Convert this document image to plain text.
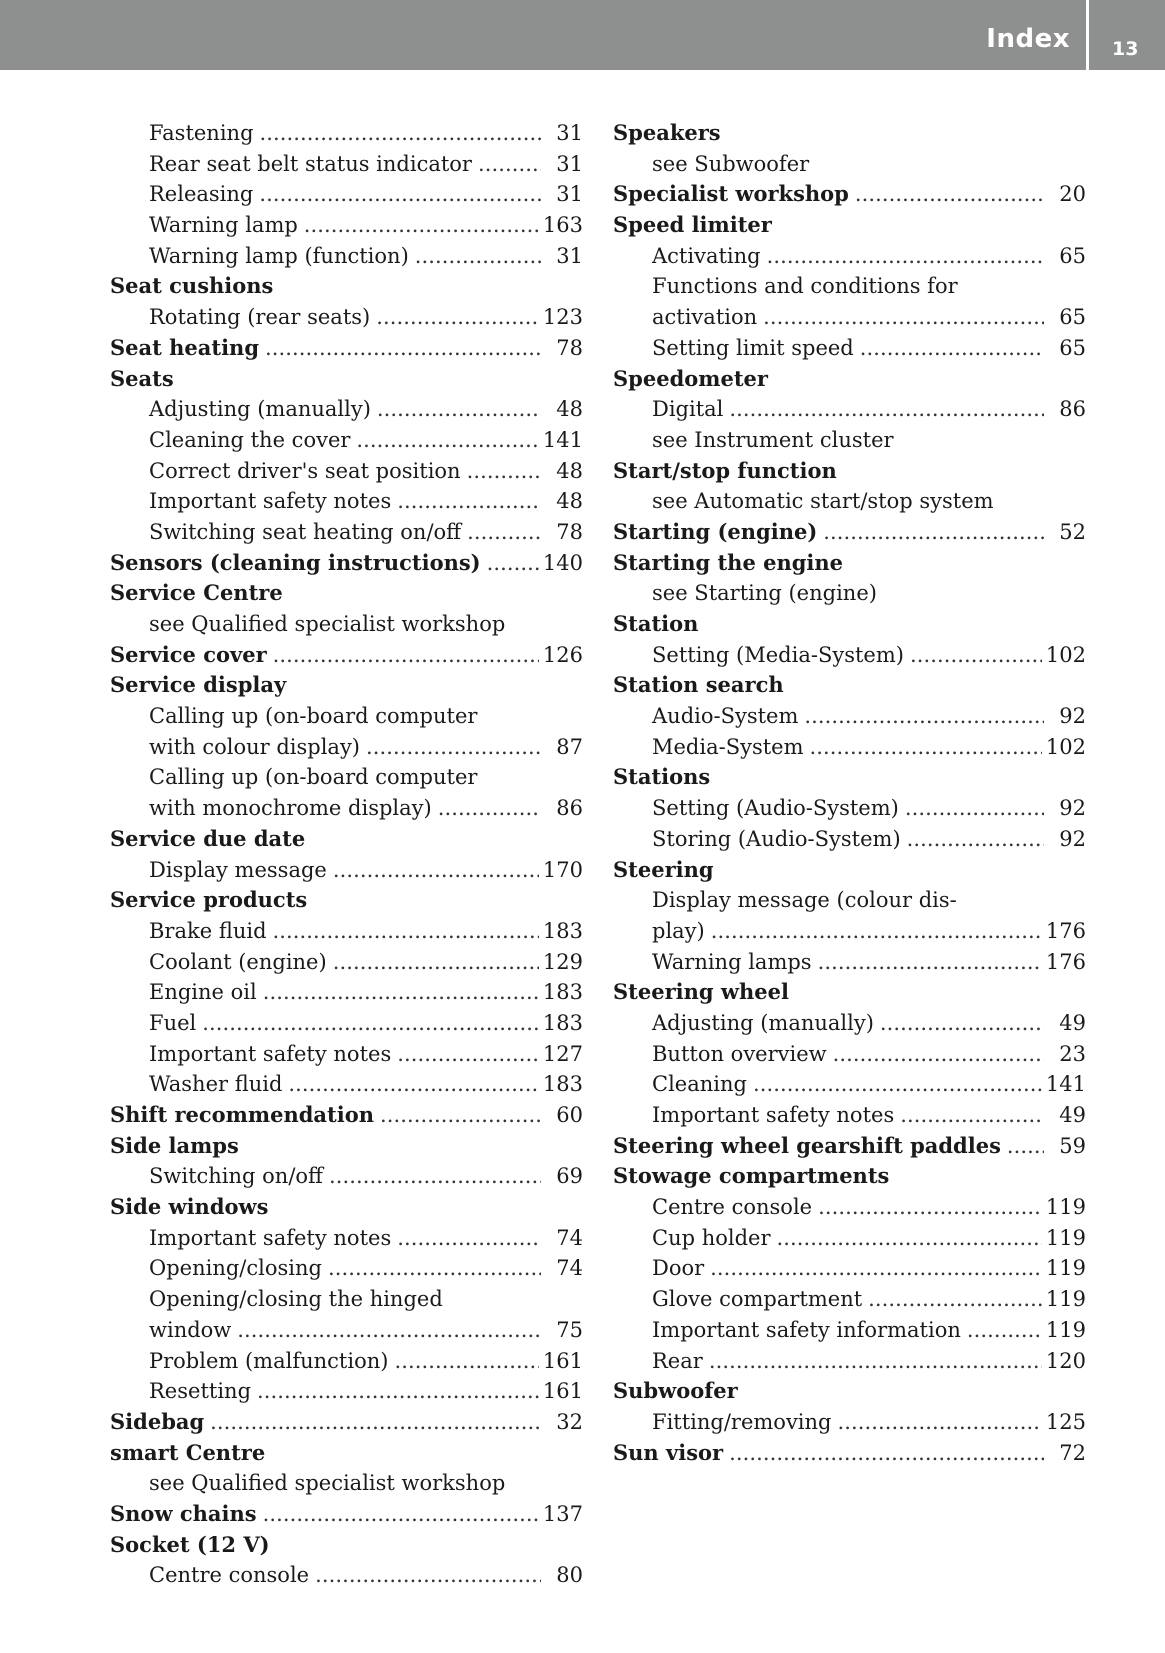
Index 13
Fastening . . .	31
Rear seat belt status indicator . . .	31
Releasing . . .	31
Warning lamp . . .	163
Warning lamp (function) . . .	31
Seat cushions
Rotating (rear seats) . . .	123
Seat heating . . .	78
Seats
Adjusting (manually) . . .	48
Cleaning the cover . . .	141
Correct driver's seat position . . .	48
Important safety notes . . .	48
Switching seat heating on/off . . .	78
Sensors (cleaning instructions) . . .	140
Service Centre
see Qualified specialist workshop
Service cover . . .	126
Service display
Calling up (on-board computer
with colour display) . . .	87
Calling up (on-board computer
with monochrome display) . . .	86
Service due date
Display message . . .	170
Service products
Brake fluid . . .	183
Coolant (engine) . . .	129
Engine oil . . .	183
Fuel . . .	183
Important safety notes . . .	127
Washer fluid . . .	183
Shift recommendation . . .	60
Side lamps
Switching on/off . . .	69
Side windows
Important safety notes . . .	74
Opening/closing . . .	74
Opening/closing the hinged
window . . .	75
Problem (malfunction) . . .	161
Resetting . . .	161
Sidebag . . .	32
smart Centre
see Qualified specialist workshop
Snow chains . . .	137
Socket (12 V)
Centre console . . .	80
Speakers
see Subwoofer
Specialist workshop . . .	20
Speed limiter
Activating . . .	65
Functions and conditions for
activation . . .	65
Setting limit speed . . .	65
Speedometer
Digital . . .	86
see Instrument cluster
Start/stop function
see Automatic start/stop system
Starting (engine) . . .	52
Starting the engine
see Starting (engine)
Station
Setting (Media-System) . . .	102
Station search
Audio-System . . .	92
Media-System . . .	102
Stations
Setting (Audio-System) . . .	92
Storing (Audio-System) . . .	92
Steering
Display message (colour dis-
play) . . .	176
Warning lamps . . .	176
Steering wheel
Adjusting (manually) . . .	49
Button overview . . .	23
Cleaning . . .	141
Important safety notes . . .	49
Steering wheel gearshift paddles . . .	59
Stowage compartments
Centre console . . .	119
Cup holder . . .	119
Door . . .	119
Glove compartment . . .	119
Important safety information . . .	119
Rear . . .	120
Subwoofer
Fitting/removing . . .	125
Sun visor . . .	72
